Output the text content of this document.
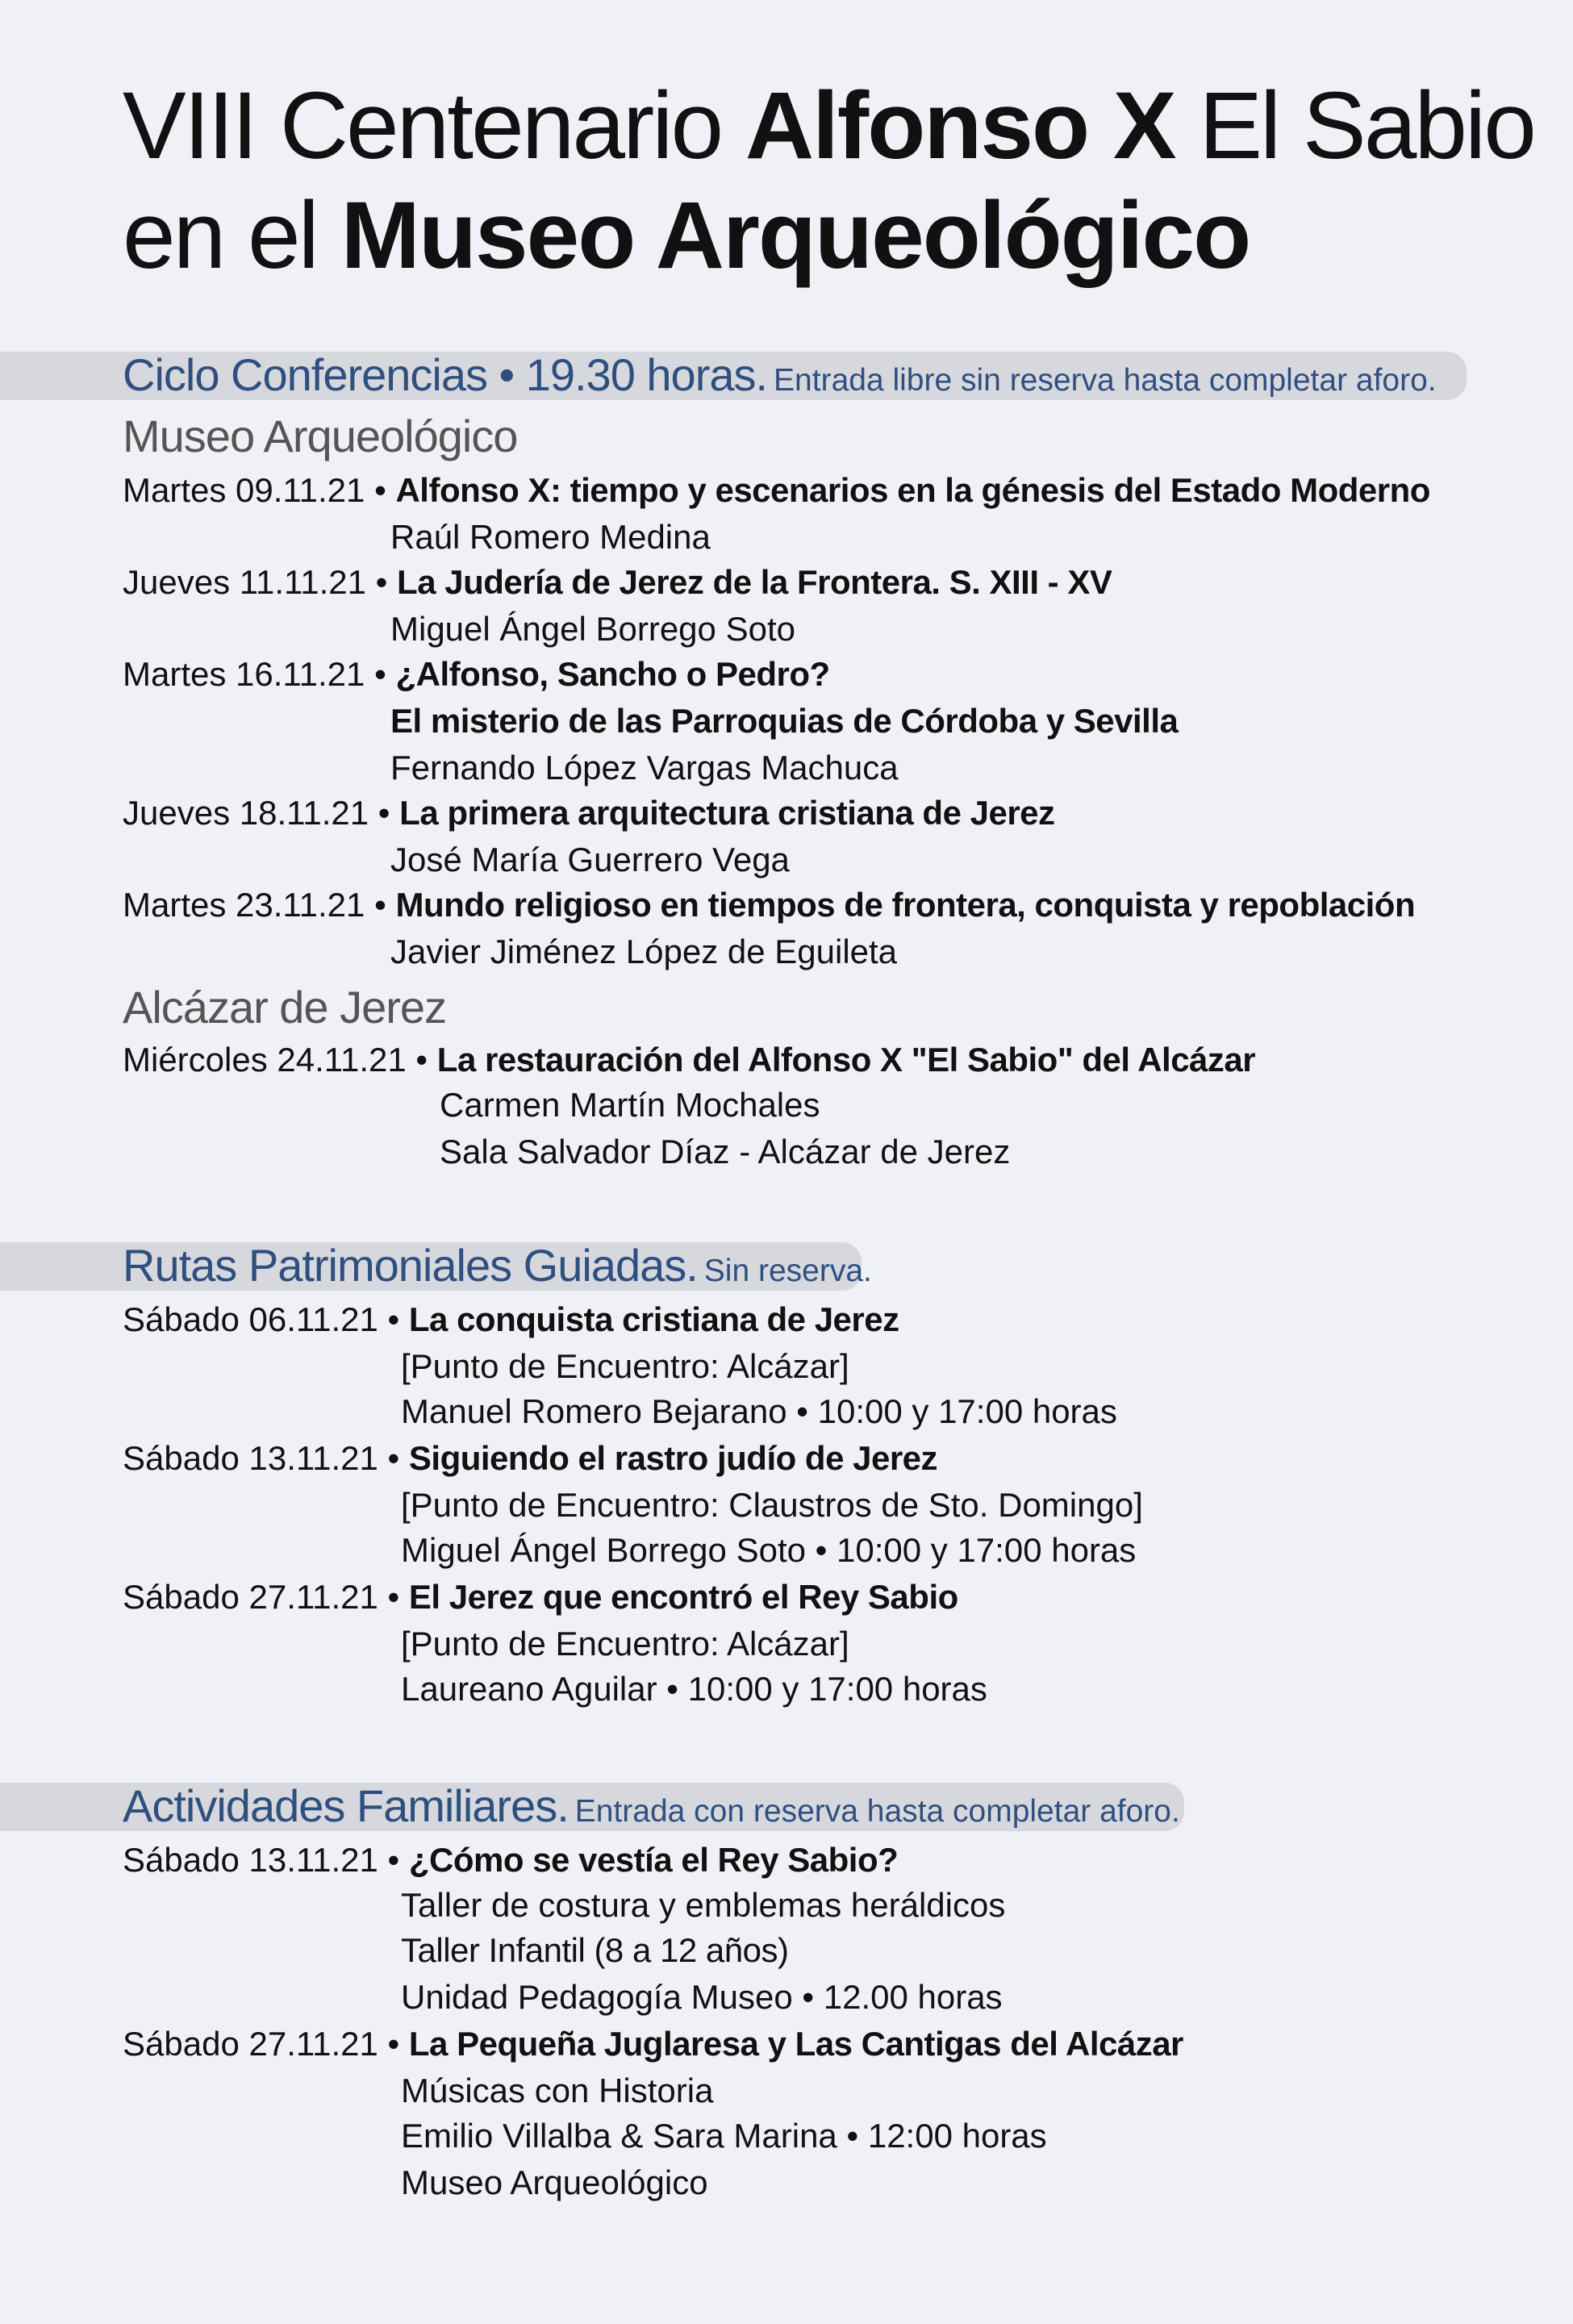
VIII Centenario Alfonso X El Sabio
en el Museo Arqueológico
Ciclo Conferencias • 19.30 horas. Entrada libre sin reserva hasta completar aforo.
Museo Arqueológico
Martes 09.11.21 • Alfonso X: tiempo y escenarios en la génesis del Estado Moderno
Raúl Romero Medina
Jueves 11.11.21 • La Judería de Jerez de la Frontera. S. XIII - XV
Miguel Ángel Borrego Soto
Martes 16.11.21 • ¿Alfonso, Sancho o Pedro?
El misterio de las Parroquias de Córdoba y Sevilla
Fernando López Vargas Machuca
Jueves 18.11.21 • La primera arquitectura cristiana de Jerez
José María Guerrero Vega
Martes 23.11.21 • Mundo religioso en tiempos de frontera, conquista y repoblación
Javier Jiménez López de Eguileta
Alcázar de Jerez
Miércoles 24.11.21 • La restauración del Alfonso X "El Sabio" del Alcázar
Carmen Martín Mochales
Sala Salvador Díaz - Alcázar de Jerez
Rutas Patrimoniales Guiadas. Sin reserva.
Sábado 06.11.21 • La conquista cristiana de Jerez
[Punto de Encuentro: Alcázar]
Manuel Romero Bejarano • 10:00 y 17:00 horas
Sábado 13.11.21 • Siguiendo el rastro judío de Jerez
[Punto de Encuentro: Claustros de Sto. Domingo]
Miguel Ángel Borrego Soto • 10:00 y 17:00 horas
Sábado 27.11.21 • El Jerez que encontró el Rey Sabio
[Punto de Encuentro: Alcázar]
Laureano Aguilar • 10:00 y 17:00 horas
Actividades Familiares. Entrada con reserva hasta completar aforo.
Sábado 13.11.21 • ¿Cómo se vestía el Rey Sabio?
Taller de costura y emblemas heráldicos
Taller Infantil (8 a 12 años)
Unidad Pedagogía Museo • 12.00 horas
Sábado 27.11.21 • La Pequeña Juglaresa y Las Cantigas del Alcázar
Músicas con Historia
Emilio Villalba & Sara Marina • 12:00 horas
Museo Arqueológico
